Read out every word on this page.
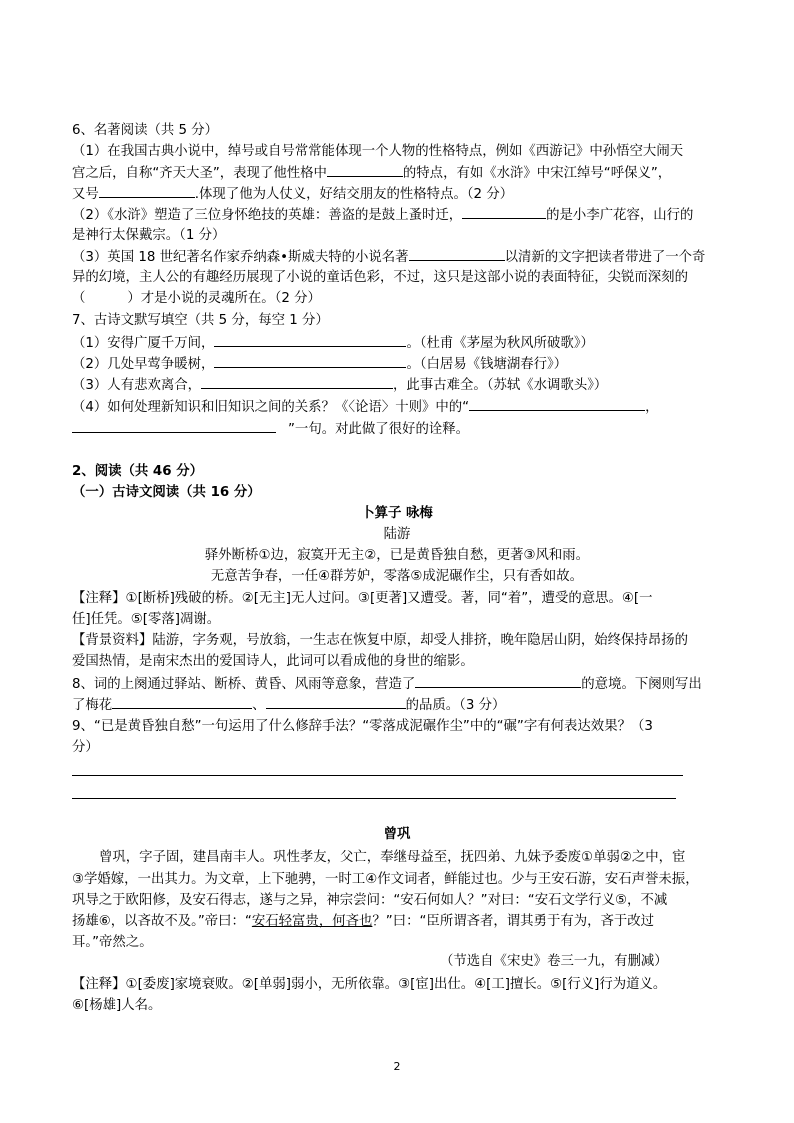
6、名著阅读（共 5 分）
（1）在我国古典小说中，绰号或自号常常能体现一个人物的性格特点，例如《西游记》中孙悟空大闹天
宫之后，自称“齐天大圣”，表现了他性格中	的特点，有如《水浒》中宋江绰号“呼保义”，
又号	.体现了他为人仗义，好结交朋友的性格特点。（2 分）
（2）《水浒》塑造了三位身怀绝技的英雄：善盗的是鼓上蚤时迁，	的是小李广花容，山行的
是神行太保戴宗。（1 分）
（3）英国 18 世纪著名作家乔纳森•斯威夫特的小说名著	以清新的文字把读者带进了一个奇
异的幻境，主人公的有趣经历展现了小说的童话色彩，不过，这只是这部小说的表面特征，尖锐而深刻的
（	）才是小说的灵魂所在。（2 分）
7、古诗文默写填空（共 5 分，每空 1 分）
（1）安得广厦千万间，	。（杜甫《茅屋为秋风所破歌》）
（2）几处早莺争暖树，	。（白居易《钱塘湖春行》）
（3）人有悲欢离合，	，此事古难全。（苏轼《水调歌头》）
（4）如何处理新知识和旧知识之间的关系？《〈论语〉十则》中的“	，
”一句。对此做了很好的诠释。
2、阅读（共 46 分）
（一）古诗文阅读（共 16 分）
卜算子 咏梅
陆游
驿外断桥①边，寂寞开无主②，已是黄昏独自愁，更著③风和雨。
无意苦争春，一任④群芳妒，零落⑤成泥碾作尘，只有香如故。
【注释】①[断桥]残破的桥。②[无主]无人过问。③[更著]又遭受。著，同“着”，遭受的意思。④[一
任]任凭。⑤[零落]凋谢。
【背景资料】陆游，字务观，号放翁，一生志在恢复中原，却受人排挤，晚年隐居山阴，始终保持昂扬的
爱国热情，是南宋杰出的爱国诗人，此词可以看成他的身世的缩影。
8、词的上阕通过驿站、断桥、黄昏、风雨等意象，营造了	的意境。下阕则写出
了梅花	、	的品质。（3 分）
9、“已是黄昏独自愁”一句运用了什么修辞手法？“零落成泥碾作尘”中的“碾”字有何表达效果？（3
分）
曾巩
曾巩，字子固，建昌南丰人。巩性孝友，父亡，奉继母益至，抚四弟、九妹予委废①单弱②之中，宦
③学婚嫁，一出其力。为文章，上下驰骋，一时工④作文词者，鲜能过也。少与王安石游，安石声誉未振，
巩导之于欧阳修，及安石得志，遂与之异，神宗尝问：“安石何如人？”对曰：“安石文学行义⑤，不减
扬雄⑥，以吝故不及。”帝曰：“安石轻富贵，何吝也？”曰：“臣所谓吝者，谓其勇于有为，吝于改过
耳。”帝然之。
（节选自《宋史》卷三一九，有删减）
【注释】①[委废]家境衰败。②[单弱]弱小，无所依靠。③[宦]出仕。④[工]擅长。⑤[行义]行为道义。
⑥[杨雄]人名。
2
